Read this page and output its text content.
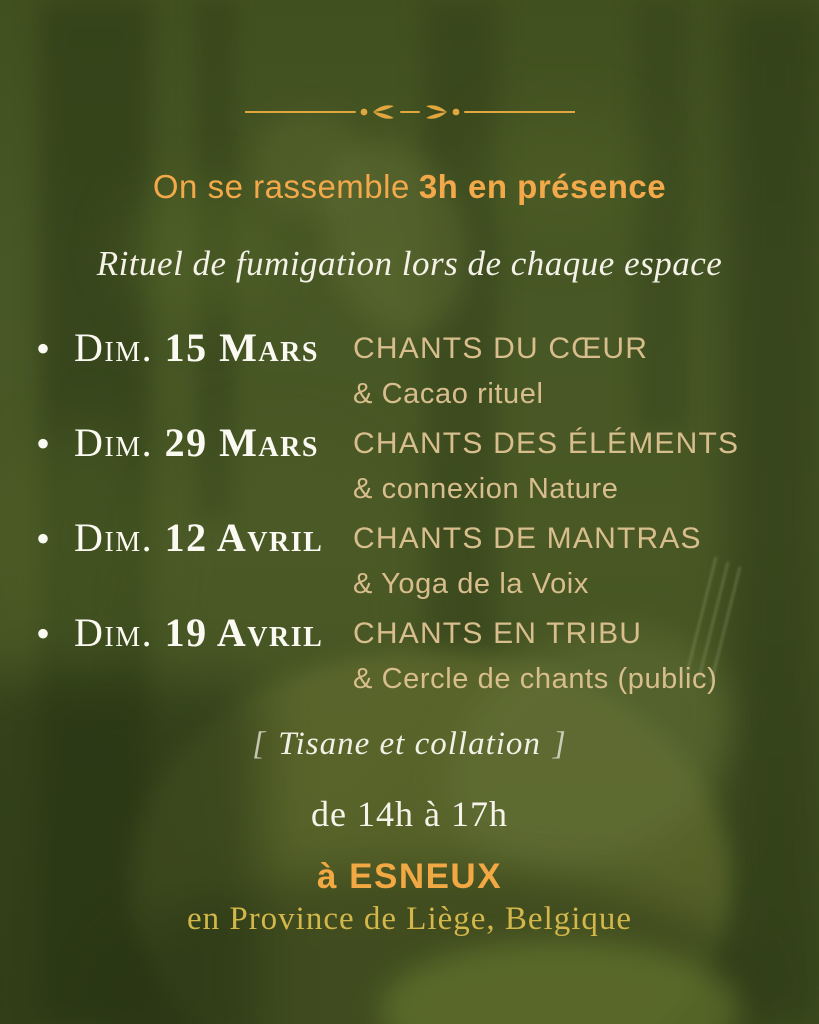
On se rassemble 3h en présence
Rituel de fumigation lors de chaque espace
• Dim. 15 Mars CHANTS DU CŒUR
& Cacao rituel
• Dim. 29 Mars CHANTS DES ÉLÉMENTS
& connexion Nature
• Dim. 12 Avril CHANTS DE MANTRAS
& Yoga de la Voix
• Dim. 19 Avril CHANTS EN TRIBU
& Cercle de chants (public)
[ Tisane et collation ]
de 14h à 17h
à ESNEUX
en Province de Liège, Belgique
